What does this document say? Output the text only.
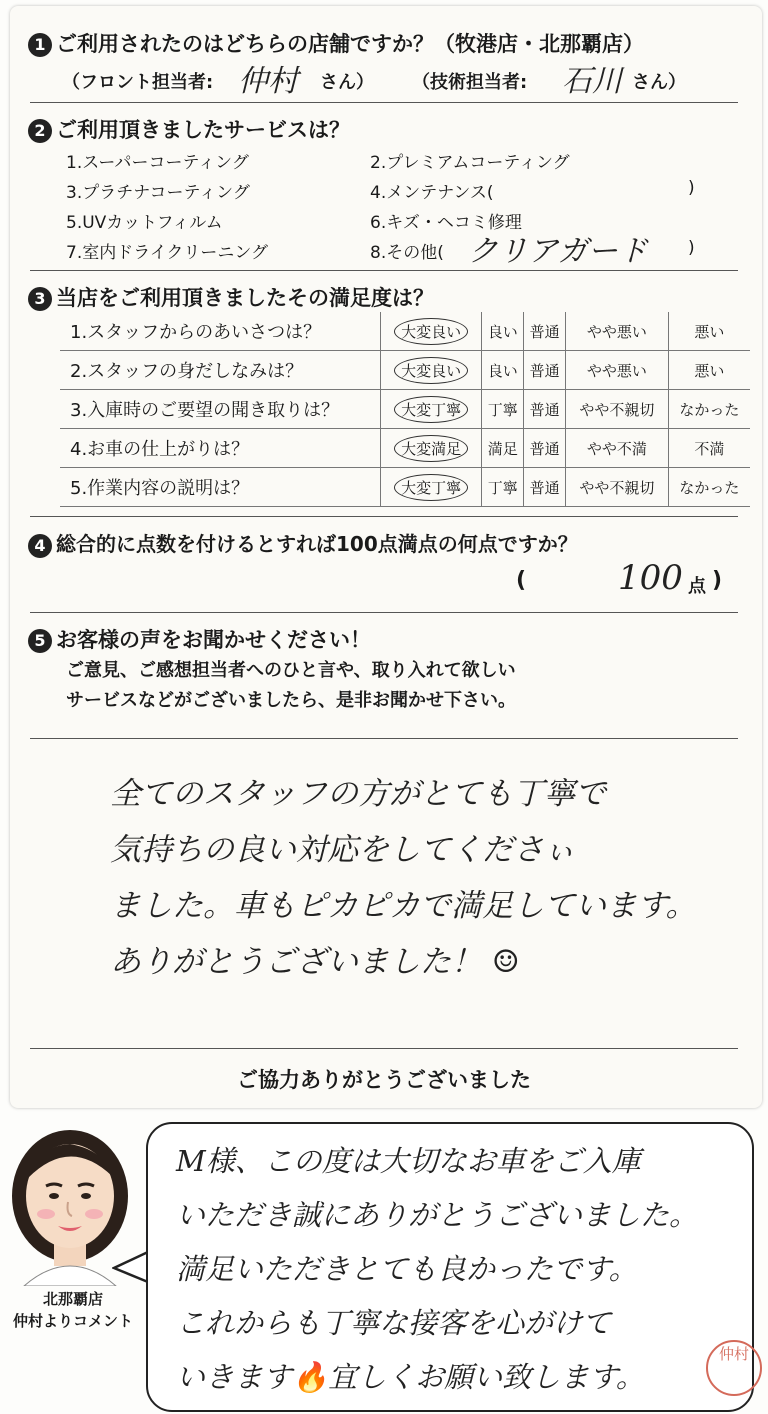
1 ご利用されたのはどちらの店舗ですか？（牧港店・北那覇店）
（フロント担当者: 仲村 さん） （技術担当者: 石川 さん）
2 ご利用頂きましたサービスは？
1.スーパーコーティング	2.プレミアムコーティング
3.プラチナコーティング	4.メンテナンス(	)
5.UVカットフィルム	6.キズ・ヘコミ修理
7.室内ドライクリーニング	8.その他( クリアガード )
3 当店をご利用頂きましたその満足度は？
1.スタッフからのあいさつは？	大変良い	良い	普通	やや悪い	悪い
2.スタッフの身だしなみは？	大変良い	良い	普通	やや悪い	悪い
3.入庫時のご要望の聞き取りは？	大変丁寧	丁寧	普通	やや不親切	なかった
4.お車の仕上がりは？	大変満足	満足	普通	やや不満	不満
5.作業内容の説明は？	大変丁寧	丁寧	普通	やや不親切	なかった
4 総合的に点数を付けるとすれば100点満点の何点ですか？
(	100 点 )
5 お客様の声をお聞かせください！
ご意見、ご感想担当者へのひと言や、取り入れて欲しい
サービスなどがございましたら、是非お聞かせ下さい。
全てのスタッフの方がとても丁寧で
気持ちの良い対応をしてくださぃ
ました。車もピカピカで満足しています。
ありがとうございました！ ☺
ご協力ありがとうございました
北那覇店
仲村よりコメント
M様、この度は大切なお車をご入庫
いただき誠にありがとうございました。
満足いただきとても良かったです。
これからも丁寧な接客を心がけて
いきます🔥宜しくお願い致します。
仲村
